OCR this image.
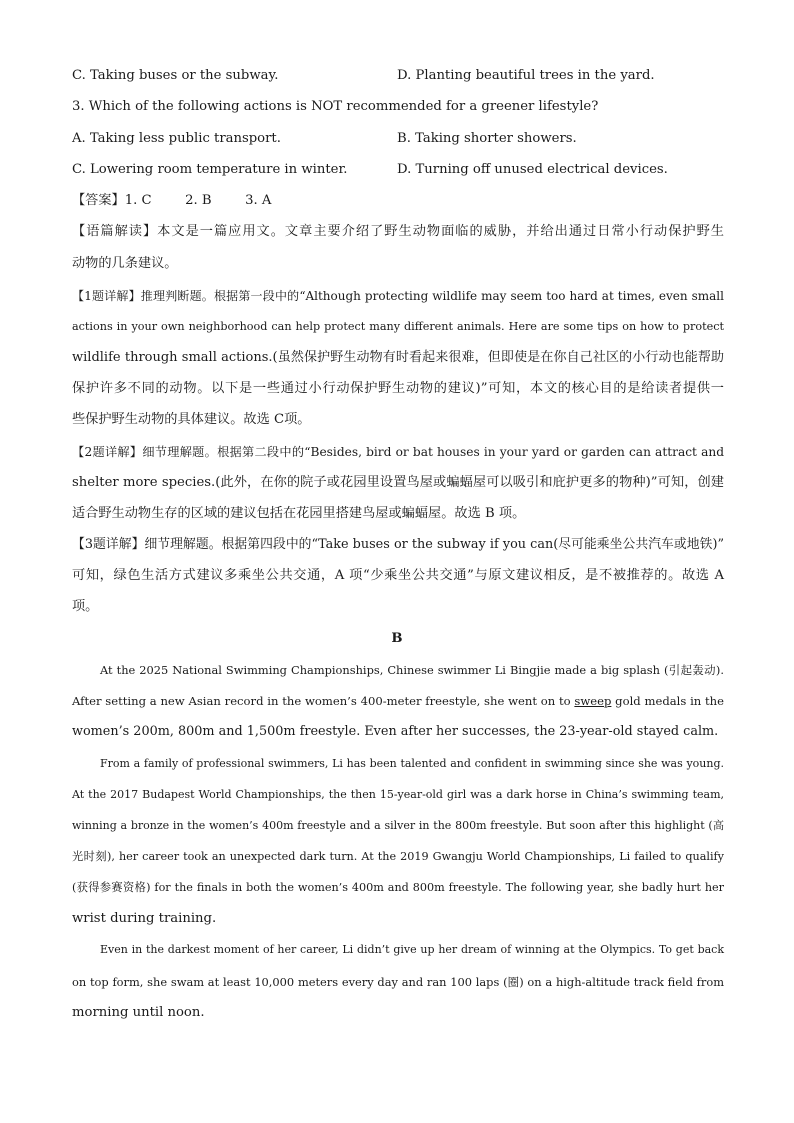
C. Taking buses or the subway.	D. Planting beautiful trees in the yard.
3. Which of the following actions is NOT recommended for a greener lifestyle?
A. Taking less public transport.	B. Taking shorter showers.
C. Lowering room temperature in winter.	D. Turning off unused electrical devices.
【答案】1. C        2. B        3. A
【语篇解读】本文是一篇应用文。文章主要介绍了野生动物面临的威胁，并给出通过日常小行动保护野生
动物的几条建议。
【1题详解】推理判断题。根据第一段中的“Although protecting wildlife may seem too hard at times, even small
actions in your own neighborhood can help protect many different animals. Here are some tips on how to protect
wildlife through small actions.(虽然保护野生动物有时看起来很难，但即使是在你自己社区的小行动也能帮助
保护许多不同的动物。以下是一些通过小行动保护野生动物的建议)”可知，本文的核心目的是给读者提供一
些保护野生动物的具体建议。故选 C项。
【2题详解】细节理解题。根据第二段中的“Besides, bird or bat houses in your yard or garden can attract and
shelter more species.(此外，在你的院子或花园里设置鸟屋或蝙蝠屋可以吸引和庇护更多的物种)”可知，创建
适合野生动物生存的区域的建议包括在花园里搭建鸟屋或蝙蝠屋。故选 B 项。
【3题详解】细节理解题。根据第四段中的“Take buses or the subway if you can(尽可能乘坐公共汽车或地铁)”
可知，绿色生活方式建议多乘坐公共交通，A 项“少乘坐公共交通”与原文建议相反，是不被推荐的。故选 A
项。
B
At the 2025 National Swimming Championships, Chinese swimmer Li Bingjie made a big splash (引起轰动).
After setting a new Asian record in the women’s 400-meter freestyle, she went on to sweep gold medals in the
women’s 200m, 800m and 1,500m freestyle. Even after her successes, the 23-year-old stayed calm.
From a family of professional swimmers, Li has been talented and confident in swimming since she was young.
At the 2017 Budapest World Championships, the then 15-year-old girl was a dark horse in China’s swimming team,
winning a bronze in the women’s 400m freestyle and a silver in the 800m freestyle. But soon after this highlight (高
光时刻), her career took an unexpected dark turn. At the 2019 Gwangju World Championships, Li failed to qualify
(获得参赛资格) for the finals in both the women’s 400m and 800m freestyle. The following year, she badly hurt her
wrist during training.
Even in the darkest moment of her career, Li didn’t give up her dream of winning at the Olympics. To get back
on top form, she swam at least 10,000 meters every day and ran 100 laps (圈) on a high-altitude track field from
morning until noon.
